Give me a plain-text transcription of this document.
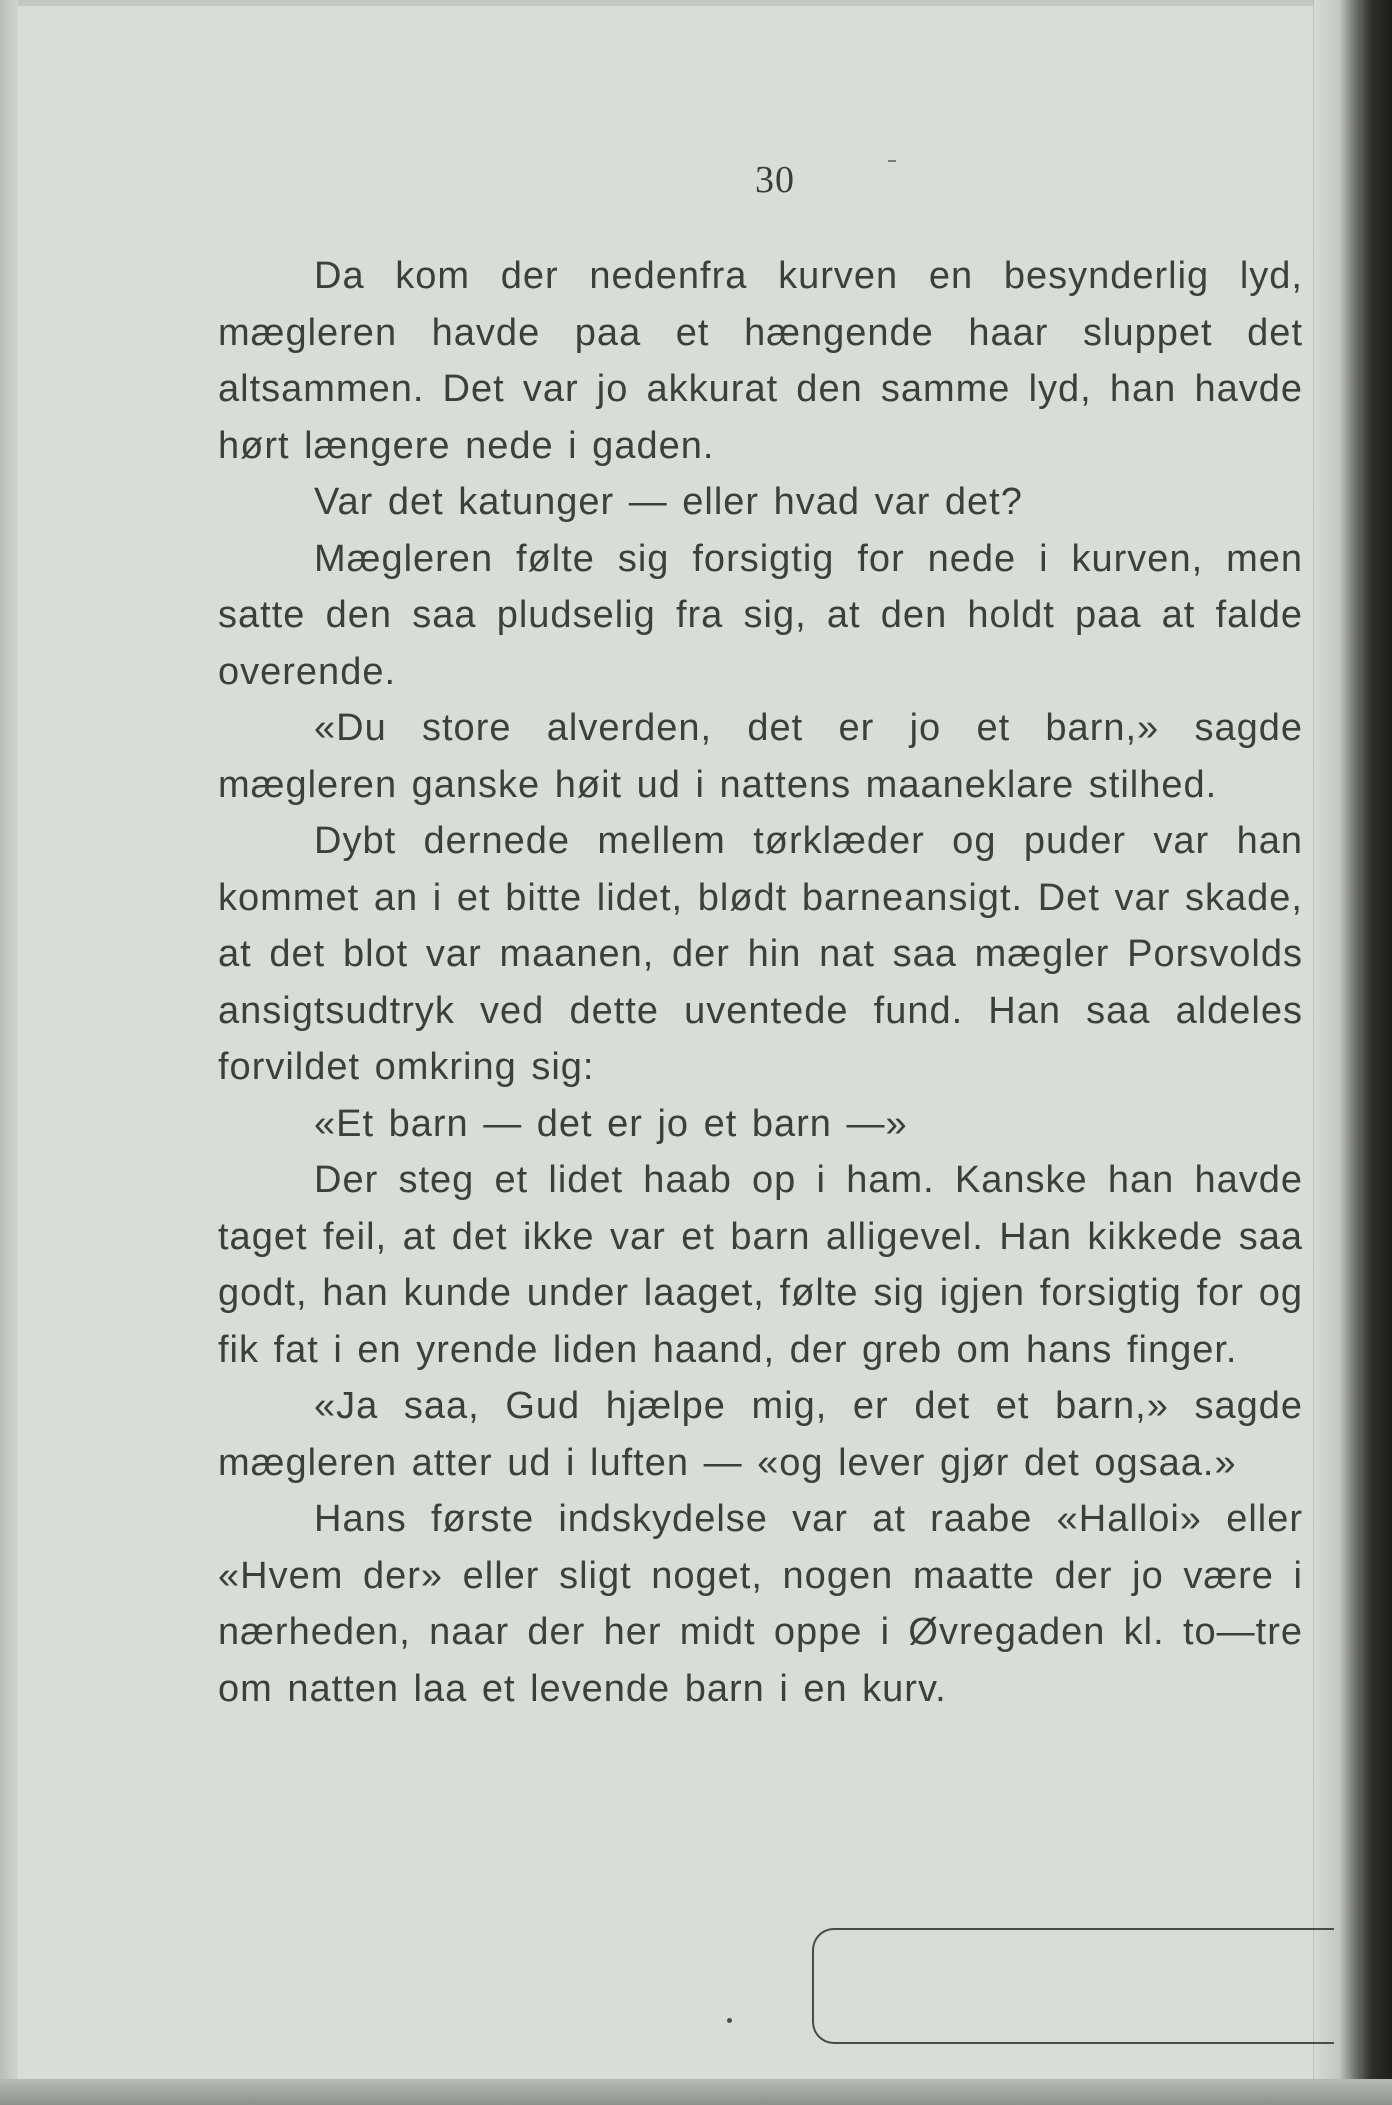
30

Da kom der nedenfra kurven en besynderlig lyd, mægleren havde paa et hængende haar sluppet det altsammen. Det var jo akkurat den samme lyd, han havde hørt længere nede i gaden.

Var det katunger — eller hvad var det?

Mægleren følte sig forsigtig for nede i kurven, men satte den saa pludselig fra sig, at den holdt paa at falde overende.

«Du store alverden, det er jo et barn,» sagde mægleren ganske høit ud i nattens maaneklare stilhed.

Dybt dernede mellem tørklæder og puder var han kommet an i et bitte lidet, blødt barneansigt. Det var skade, at det blot var maanen, der hin nat saa mægler Porsvolds ansigtsudtryk ved dette uventede fund. Han saa aldeles forvildet omkring sig:

«Et barn — det er jo et barn —»

Der steg et lidet haab op i ham. Kanske han havde taget feil, at det ikke var et barn alligevel. Han kikkede saa godt, han kunde under laaget, følte sig igjen forsigtig for og fik fat i en yrende liden haand, der greb om hans finger.

«Ja saa, Gud hjælpe mig, er det et barn,» sagde mægleren atter ud i luften — «og lever gjør det ogsaa.»

Hans første indskydelse var at raabe «Halloi» eller «Hvem der» eller sligt noget, nogen maatte der jo være i nærheden, naar der her midt oppe i Øvregaden kl. to—tre om natten laa et levende barn i en kurv.
